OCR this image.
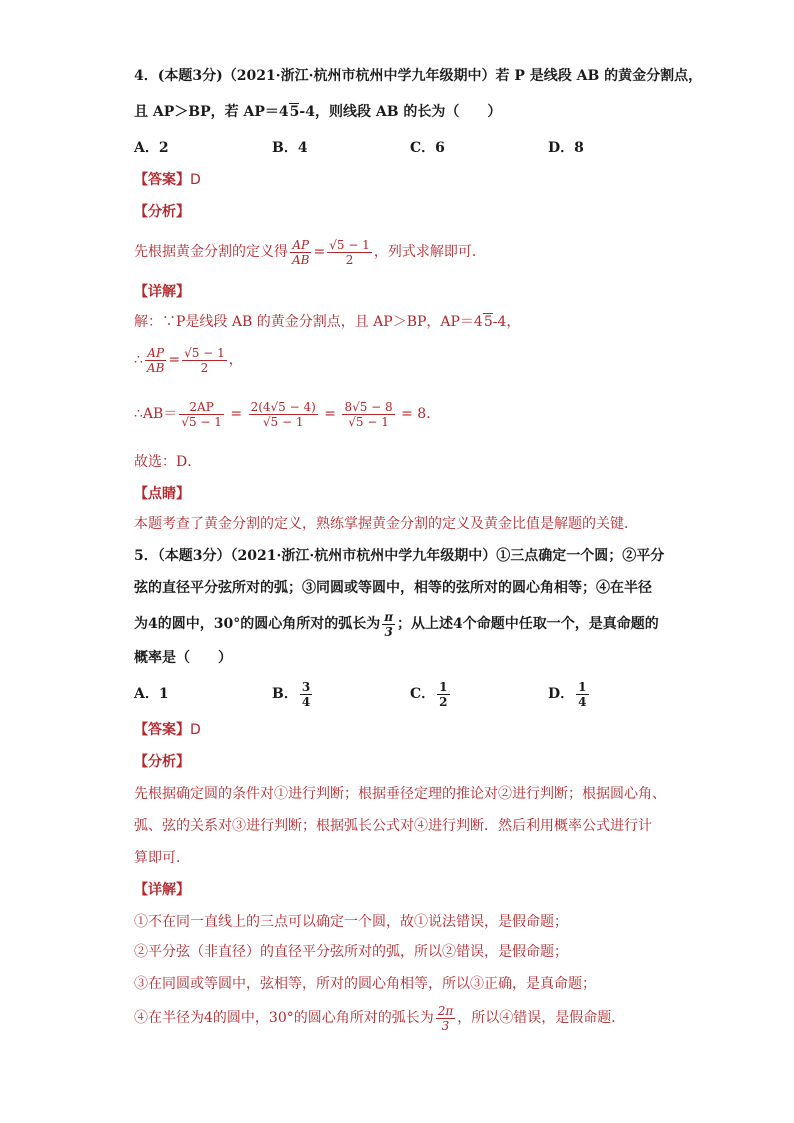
4．(本题3分)（2021·浙江·杭州市杭州中学九年级期中）若 P 是线段 AB 的黄金分割点，
且 AP＞BP，若 AP＝45-4，则线段 AB 的长为（　　）
A．2	B．4	C．6	D．8
【答案】D
【分析】
先根据黄金分割的定义得 $\frac{AP}{AB} = \frac{√5 - 1}{2}$ ，列式求解即可．
【详解】
解：∵P是线段 AB 的黄金分割点，且 AP＞BP，AP＝45-4，
∴ $\frac{AP}{AB} = \frac{√5 - 1}{2}$ ，
∴AB＝ $\frac{2AP}{√5 - 1} = \frac{2(4√5 - 4)}{√5 - 1} = \frac{8√5 - 8}{√5 - 1} = 8$．
故选：D．
【点睛】
本题考查了黄金分割的定义，熟练掌握黄金分割的定义及黄金比值是解题的关键．
5．（本题3分）（2021·浙江·杭州市杭州中学九年级期中）①三点确定一个圆；②平分
弦的直径平分弦所对的弧；③同圆或等圆中，相等的弦所对的圆心角相等；④在半径
为4的圆中，30°的圆心角所对的弧长为 $\frac{\pi}{3}$ ；从上述4个命题中任取一个，是真命题的
概率是（　　）
A．1	B． $\frac{3}{4}$	C． $\frac{1}{2}$	D． $\frac{1}{4}$
【答案】D
【分析】
先根据确定圆的条件对①进行判断；根据垂径定理的推论对②进行判断；根据圆心角、
弧、弦的关系对③进行判断；根据弧长公式对④进行判断．然后利用概率公式进行计
算即可．
【详解】
①不在同一直线上的三点可以确定一个圆，故①说法错误，是假命题；
②平分弦（非直径）的直径平分弦所对的弧，所以②错误，是假命题；
③在同圆或等圆中，弦相等，所对的圆心角相等，所以③正确，是真命题；
④在半径为4的圆中，30°的圆心角所对的弧长为 $\frac{2\pi}{3}$ ，所以④错误，是假命题．
